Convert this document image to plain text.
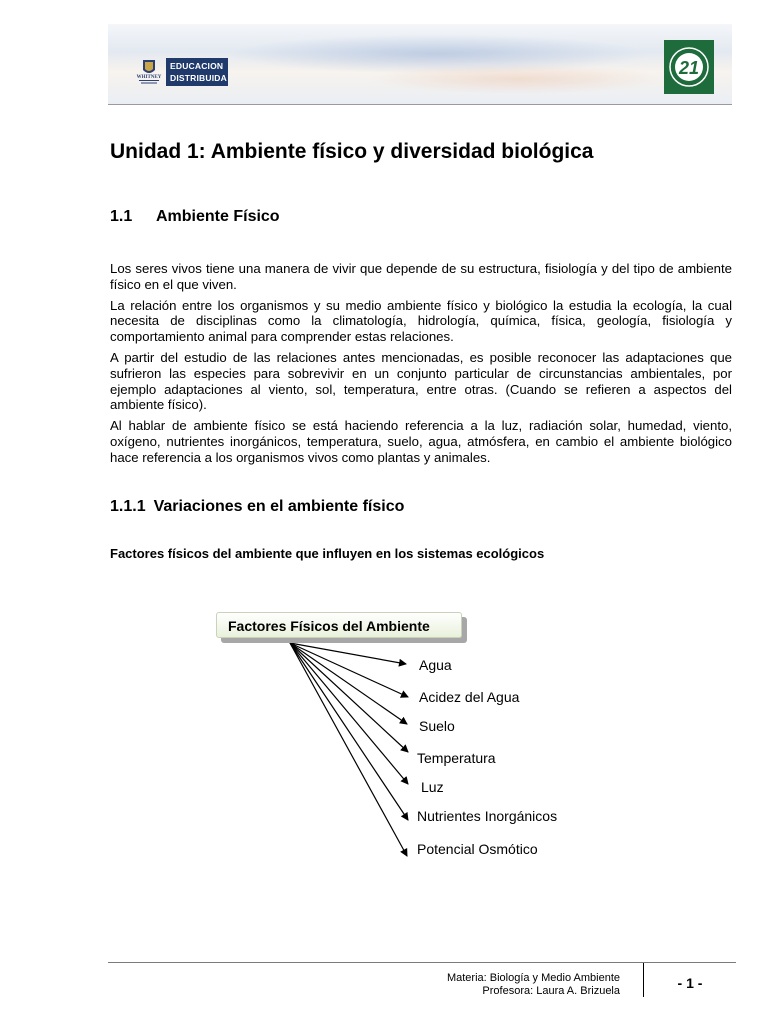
WHITNEY
EDUCACION
DISTRIBUIDA	21
Unidad 1: Ambiente físico y diversidad biológica
1.1 Ambiente Físico

Los seres vivos tiene una manera de vivir que depende de su estructura, fisiología y del tipo de ambiente físico en el que viven.

La relación entre los organismos y su medio ambiente físico y biológico la estudia la ecología, la cual necesita de disciplinas como la climatología, hidrología, química, física, geología, fisiología y comportamiento animal para comprender estas relaciones.

A partir del estudio de las relaciones antes mencionadas, es posible reconocer las adaptaciones que sufrieron las especies para sobrevivir en un conjunto particular de circunstancias ambientales, por ejemplo adaptaciones al viento, sol, temperatura, entre otras. (Cuando se refieren a aspectos del ambiente físico).

Al hablar de ambiente físico se está haciendo referencia a la luz, radiación solar, humedad, viento, oxígeno, nutrientes inorgánicos, temperatura, suelo, agua, atmósfera, en cambio el ambiente biológico hace referencia a los organismos vivos como plantas y animales.

1.1.1 Variaciones en el ambiente físico
Factores físicos del ambiente que influyen en los sistemas ecológicos
Factores Físicos del Ambiente
Agua
Acidez del Agua
Suelo
Temperatura
Luz
Nutrientes Inorgánicos
Potencial Osmótico
Materia: Biología y Medio Ambiente
Profesora: Laura A. Brizuela	- 1 -
